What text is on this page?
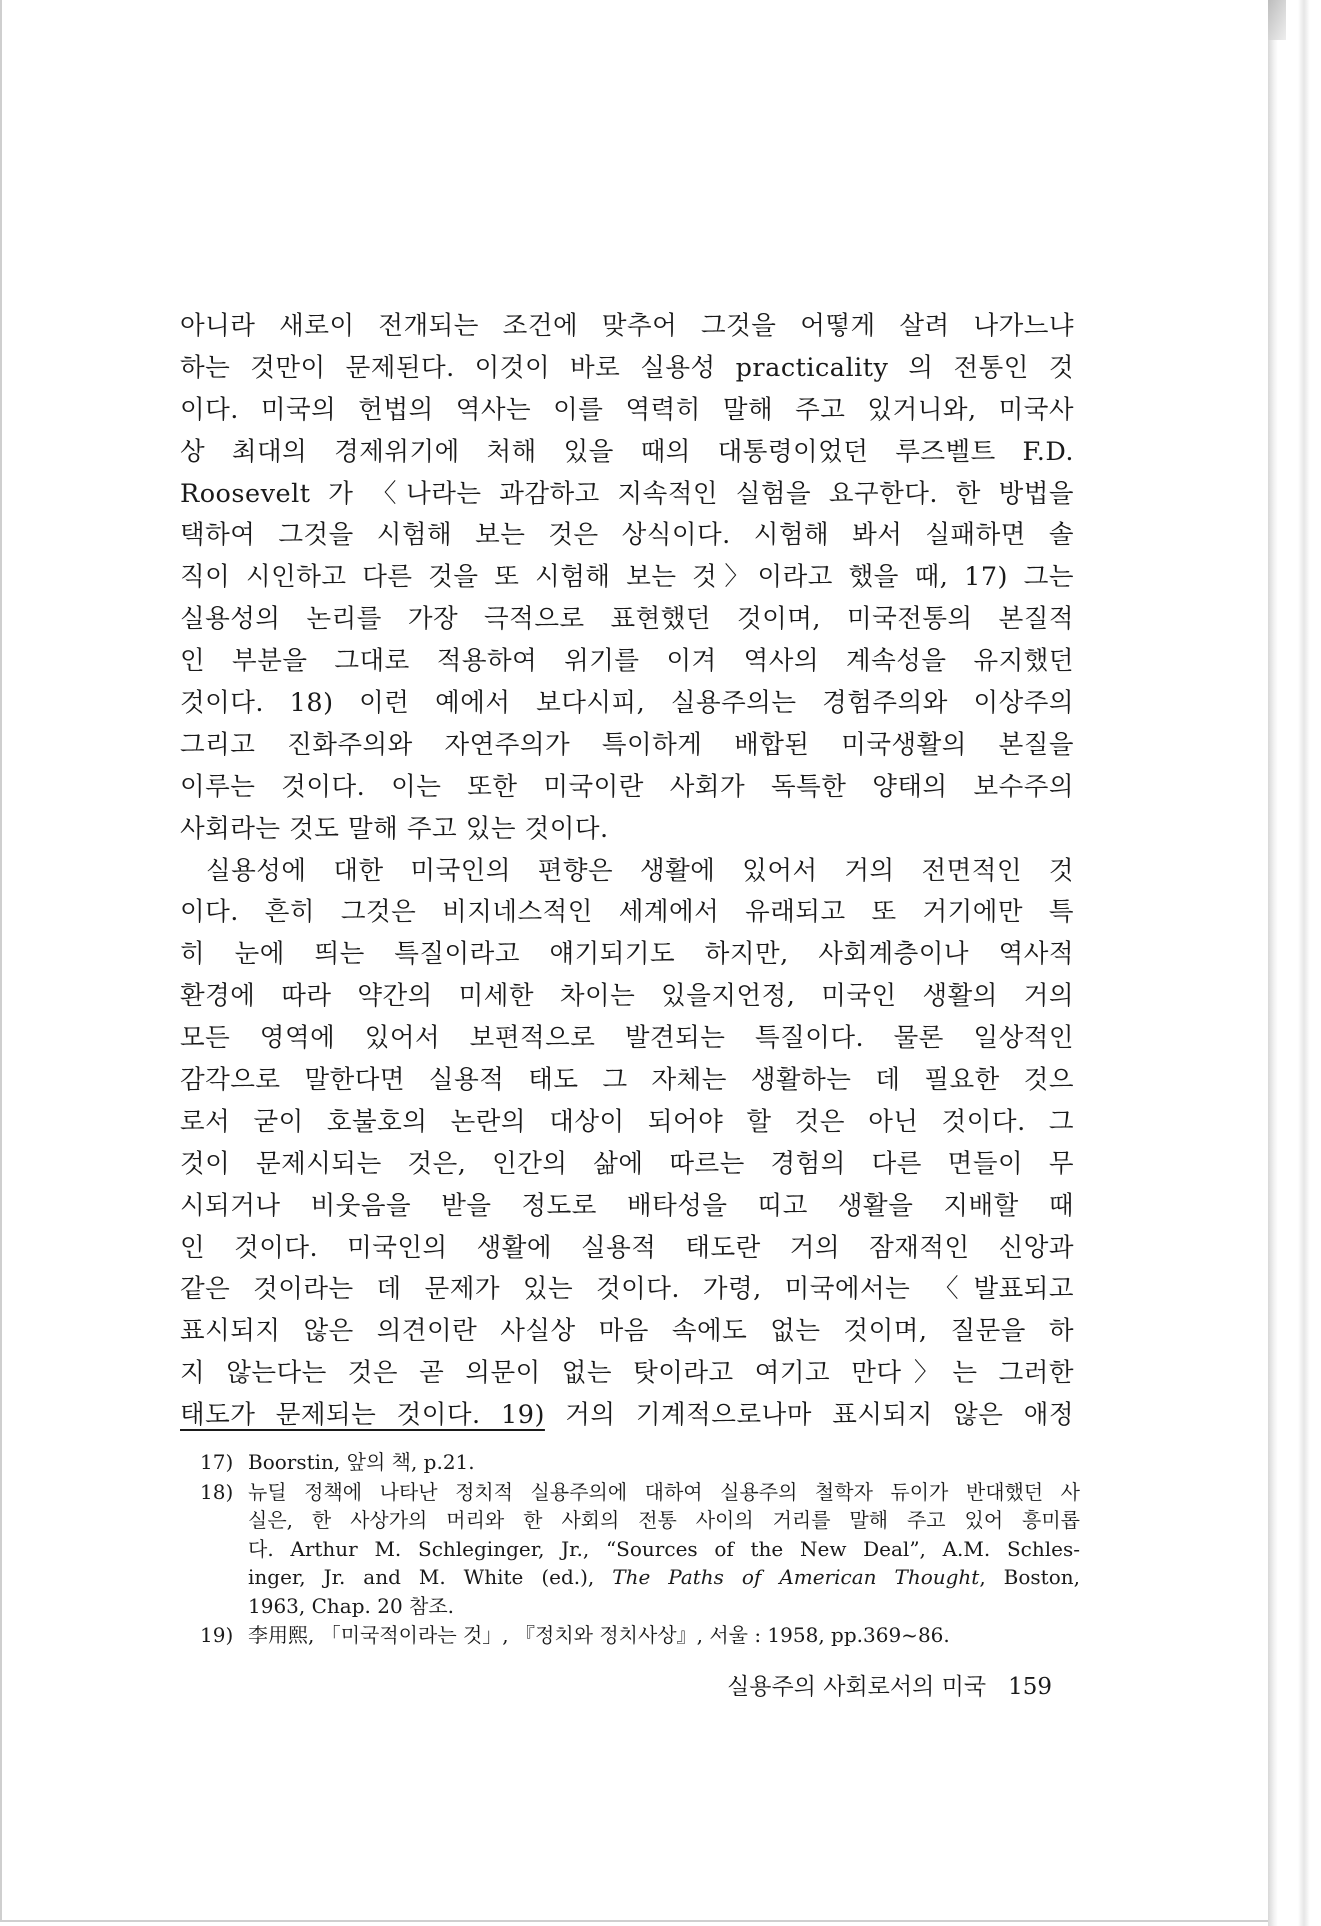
아니라 새로이 전개되는 조건에 맞추어 그것을 어떻게 살려 나가느냐
하는 것만이 문제된다. 이것이 바로 실용성 practicality 의 전통인 것
이다. 미국의 헌법의 역사는 이를 역력히 말해 주고 있거니와, 미국사
상 최대의 경제위기에 처해 있을 때의 대통령이었던 루즈벨트 F.D.
Roosevelt 가 〈나라는 과감하고 지속적인 실험을 요구한다. 한 방법을
택하여 그것을 시험해 보는 것은 상식이다. 시험해 봐서 실패하면 솔
직이 시인하고 다른 것을 또 시험해 보는 것〉이라고 했을 때, 17) 그는
실용성의 논리를 가장 극적으로 표현했던 것이며, 미국전통의 본질적
인 부분을 그대로 적용하여 위기를 이겨 역사의 계속성을 유지했던
것이다. 18) 이런 예에서 보다시피, 실용주의는 경험주의와 이상주의
그리고 진화주의와 자연주의가 특이하게 배합된 미국생활의 본질을
이루는 것이다. 이는 또한 미국이란 사회가 독특한 양태의 보수주의
사회라는 것도 말해 주고 있는 것이다.
실용성에 대한 미국인의 편향은 생활에 있어서 거의 전면적인 것
이다. 흔히 그것은 비지네스적인 세계에서 유래되고 또 거기에만 특
히 눈에 띄는 특질이라고 얘기되기도 하지만, 사회계층이나 역사적
환경에 따라 약간의 미세한 차이는 있을지언정, 미국인 생활의 거의
모든 영역에 있어서 보편적으로 발견되는 특질이다. 물론 일상적인
감각으로 말한다면 실용적 태도 그 자체는 생활하는 데 필요한 것으
로서 굳이 호불호의 논란의 대상이 되어야 할 것은 아닌 것이다. 그
것이 문제시되는 것은, 인간의 삶에 따르는 경험의 다른 면들이 무
시되거나 비웃음을 받을 정도로 배타성을 띠고 생활을 지배할 때
인 것이다. 미국인의 생활에 실용적 태도란 거의 잠재적인 신앙과
같은 것이라는 데 문제가 있는 것이다. 가령, 미국에서는 〈발표되고
표시되지 않은 의견이란 사실상 마음 속에도 없는 것이며, 질문을 하
지 않는다는 것은 곧 의문이 없는 탓이라고 여기고 만다〉는 그러한
태도가 문제되는 것이다. 19) 거의 기계적으로나마 표시되지 않은 애정
17) Boorstin, 앞의 책, p.21.
18) 뉴딜 정책에 나타난 정치적 실용주의에 대하여 실용주의 철학자 듀이가 반대했던 사
실은, 한 사상가의 머리와 한 사회의 전통 사이의 거리를 말해 주고 있어 흥미롭
다. Arthur M. Schleginger, Jr., “Sources of the New Deal”, A.M. Schles-
inger, Jr. and M. White (ed.), The Paths of American Thought, Boston,
1963, Chap. 20 참조.
19) 李用熙, 「미국적이라는 것」, 『정치와 정치사상』, 서울 : 1958, pp.369~86.
실용주의 사회로서의 미국 159
